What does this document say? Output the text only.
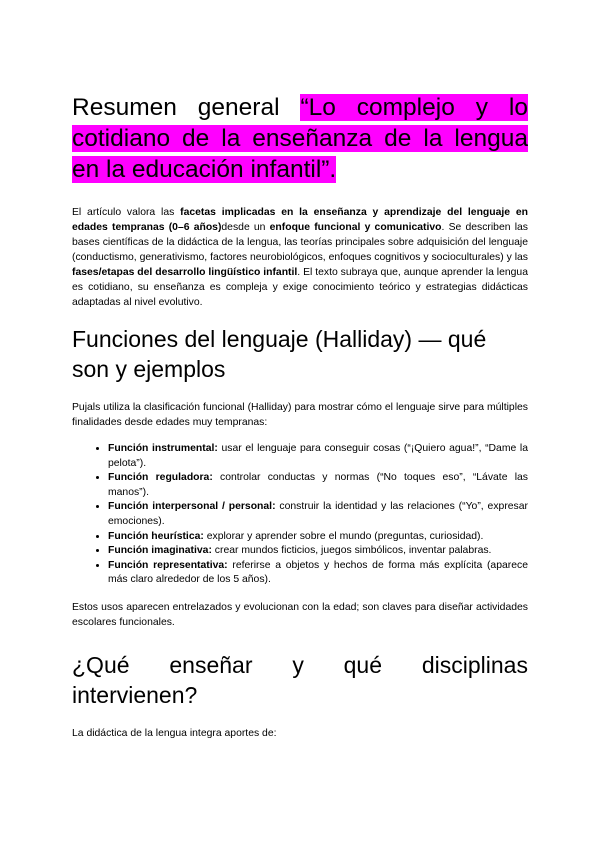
Resumen general “Lo complejo y lo cotidiano de la enseñanza de la lengua en la educación infantil”.

El artículo valora las facetas implicadas en la enseñanza y aprendizaje del lenguaje en edades tempranas (0–6 años)desde un enfoque funcional y comunicativo. Se describen las bases científicas de la didáctica de la lengua, las teorías principales sobre adquisición del lenguaje (conductismo, generativismo, factores neurobiológicos, enfoques cognitivos y socioculturales) y las fases/etapas del desarrollo lingüístico infantil. El texto subraya que, aunque aprender la lengua es cotidiano, su enseñanza es compleja y exige conocimiento teórico y estrategias didácticas adaptadas al nivel evolutivo.

Funciones del lenguaje (Halliday) — qué son y ejemplos

Pujals utiliza la clasificación funcional (Halliday) para mostrar cómo el lenguaje sirve para múltiples finalidades desde edades muy tempranas:

• Función instrumental: usar el lenguaje para conseguir cosas (“¡Quiero agua!”, “Dame la pelota”).
• Función reguladora: controlar conductas y normas (“No toques eso”, “Lávate las manos”).
• Función interpersonal / personal: construir la identidad y las relaciones (“Yo”, expresar emociones).
• Función heurística: explorar y aprender sobre el mundo (preguntas, curiosidad).
• Función imaginativa: crear mundos ficticios, juegos simbólicos, inventar palabras.
• Función representativa: referirse a objetos y hechos de forma más explícita (aparece más claro alrededor de los 5 años).

Estos usos aparecen entrelazados y evolucionan con la edad; son claves para diseñar actividades escolares funcionales.

¿Qué enseñar y qué disciplinas
intervienen?

La didáctica de la lengua integra aportes de:
